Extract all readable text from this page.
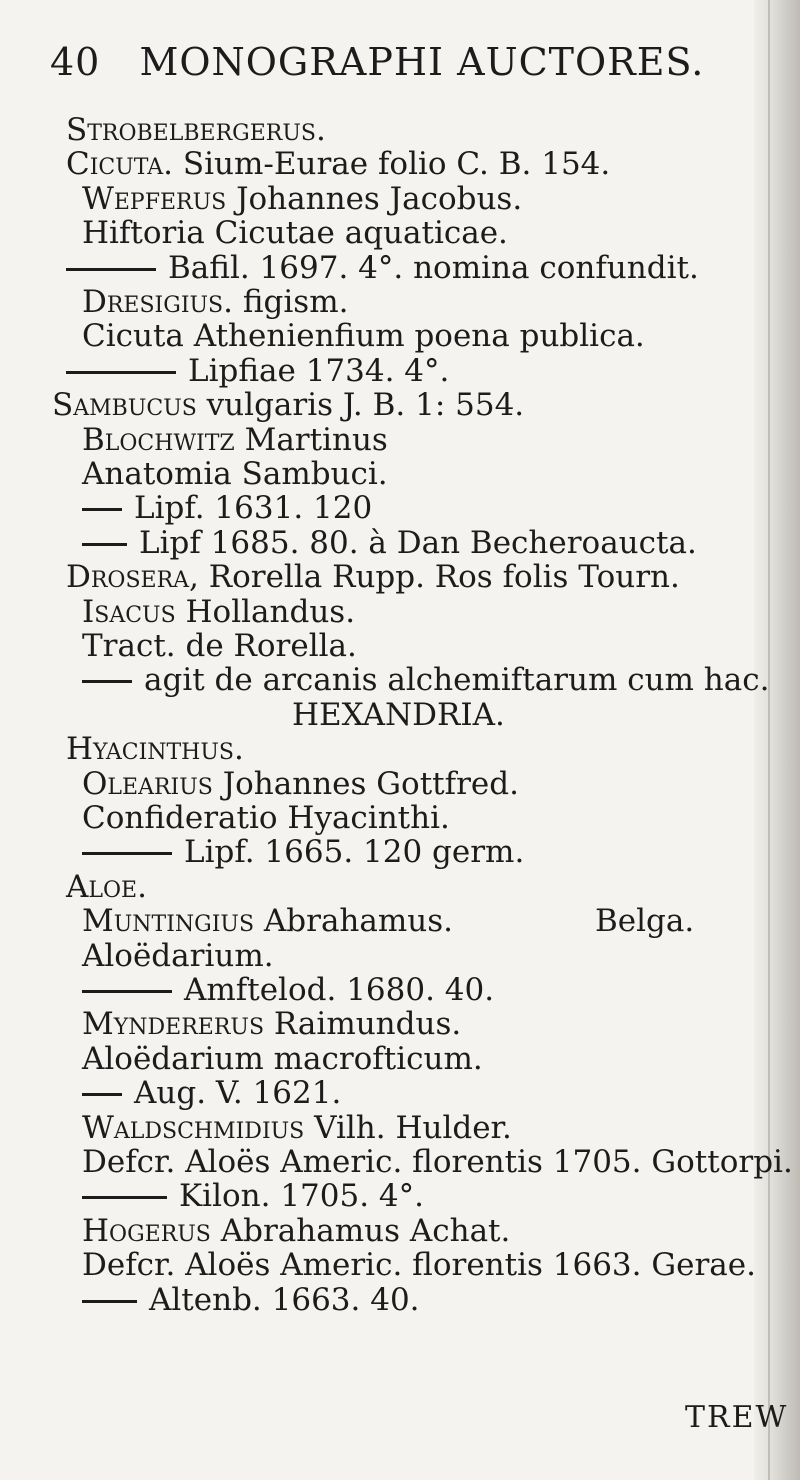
40 MONOGRAPHI AUCTORES.
Strobelbergerus.
Cicuta. Sium-Eurae folio C. B. 154.
Wepferus Johannes Jacobus.
Hiftoria Cicutae aquaticae.
Bafil. 1697. 4°. nomina confundit.
Dresigius. figism.
Cicuta Athenienfium poena publica.
Lipfiae 1734. 4°.
Sambucus vulgaris J. B. 1: 554.
Blochwitz Martinus
Anatomia Sambuci.
Lipf. 1631. 120
Lipf 1685. 80. à Dan Becheroaucta.
Drosera, Rorella Rupp. Ros folis Tourn.
Isacus Hollandus.
Tract. de Rorella.
agit de arcanis alchemiftarum cum hac.
HEXANDRIA.
Hyacinthus.
Olearius Johannes Gottfred.
Confideratio Hyacinthi.
Lipf. 1665. 120 germ.
Aloe.
Muntingius Abrahamus.	Belga.
Aloëdarium.
Amftelod. 1680. 40.
Myndererus Raimundus.
Aloëdarium macrofticum.
Aug. V. 1621.
Waldschmidius Vilh. Hulder.
Defcr. Aloës Americ. florentis 1705. Gottorpi.
Kilon. 1705. 4°.
Hogerus Abrahamus Achat.
Defcr. Aloës Americ. florentis 1663. Gerae.
Altenb. 1663. 40.
TREW
